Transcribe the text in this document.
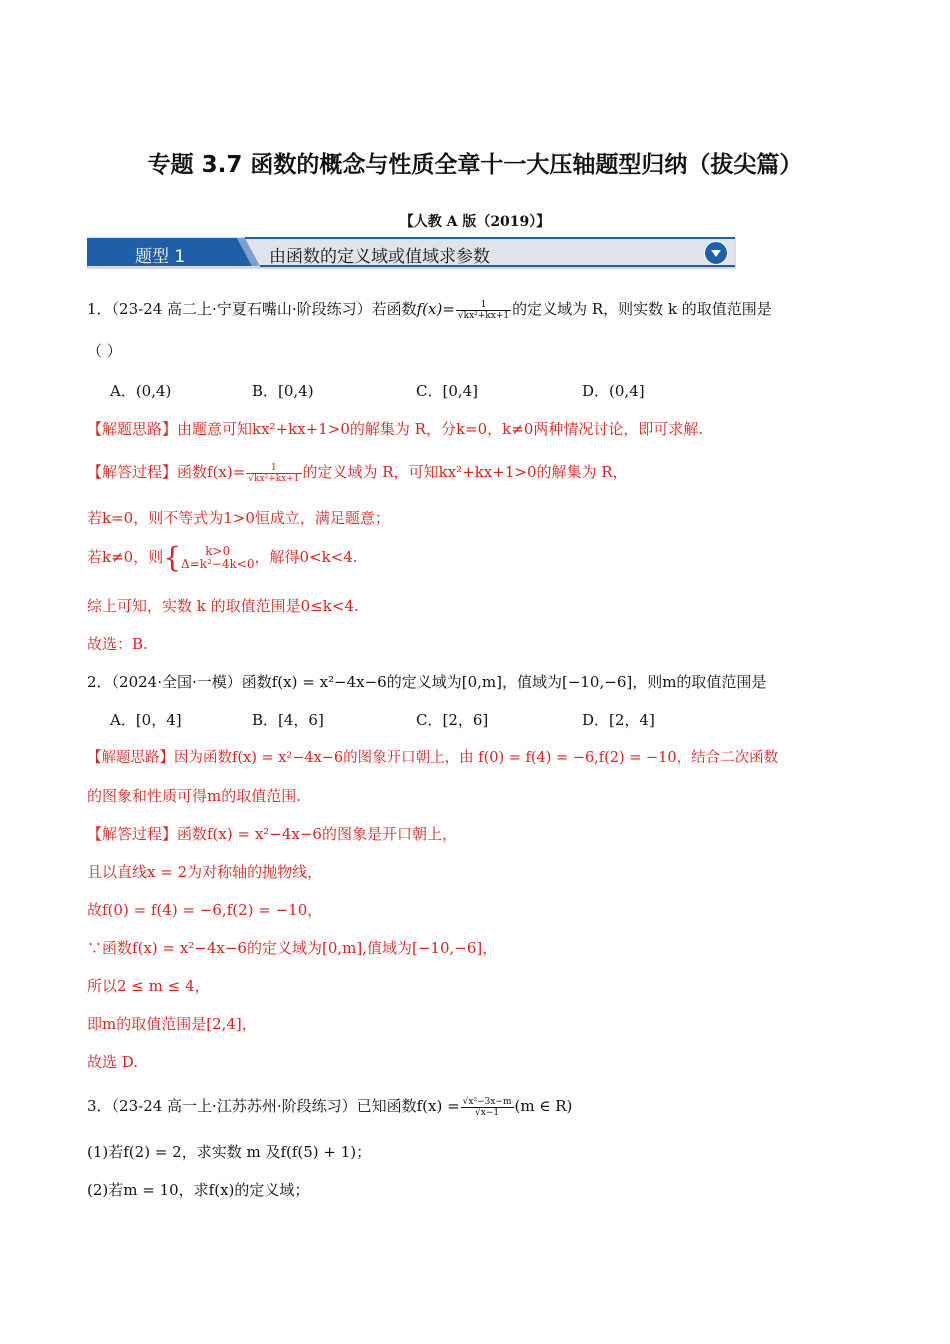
专题 3.7 函数的概念与性质全章十一大压轴题型归纳（拔尖篇）
【人教 A 版（2019）】
题型 1	由函数的定义域或值域求参数
1．（23-24 高二上·宁夏石嘴山·阶段练习）若函数$f(x)= \frac{1}{\text{√kx²+kx+1}}$ 的定义域为 R，则实数 k 的取值范围是
（ ）
A．(0,4)	B．[0,4)	C．[0,4]	D．(0,4]
【解题思路】由题意可知kx²+kx+1>0的解集为 R，分k=0，k≠0两种情况讨论，即可求解.
【解答过程】函数$f(x)= \frac{1}{\text{√kx²+kx+1}}$ 的定义域为 R，可知kx²+kx+1>0的解集为 R，
若k=0，则不等式为1>0恒成立，满足题意；
若k≠0，则{	k>0
Δ=k²−4k<0 ，解得0<k<4.
综上可知，实数 k 的取值范围是0≤k<4.
故选：B.
2．（2024·全国·一模）函数f(x) = x²−4x−6的定义域为[0,m]，值域为[−10,−6]，则m的取值范围是
A．[0，4]	B．[4，6]	C．[2，6]	D．[2，4]
【解题思路】因为函数f(x) = x²−4x−6的图象开口朝上，由 f(0) = f(4) = −6,f(2) = −10，结合二次函数
的图象和性质可得m的取值范围.
【解答过程】函数f(x) = x²−4x−6的图象是开口朝上，
且以直线x = 2为对称轴的抛物线，
故f(0) = f(4) = −6,f(2) = −10，
∵函数f(x) = x²−4x−6的定义域为[0,m],值域为[−10,−6]，
所以2 ≤ m ≤ 4，
即m的取值范围是[2,4]，
故选 D.
3．（23-24 高一上·江苏苏州·阶段练习）已知函数$f(x) = \frac{\text{√x²−3x−m}}{√x-1} (m$ ∈ R)
(1)若f(2) = 2，求实数 m 及f(f(5) + 1)；
(2)若m = 10，求f(x)的定义域；
